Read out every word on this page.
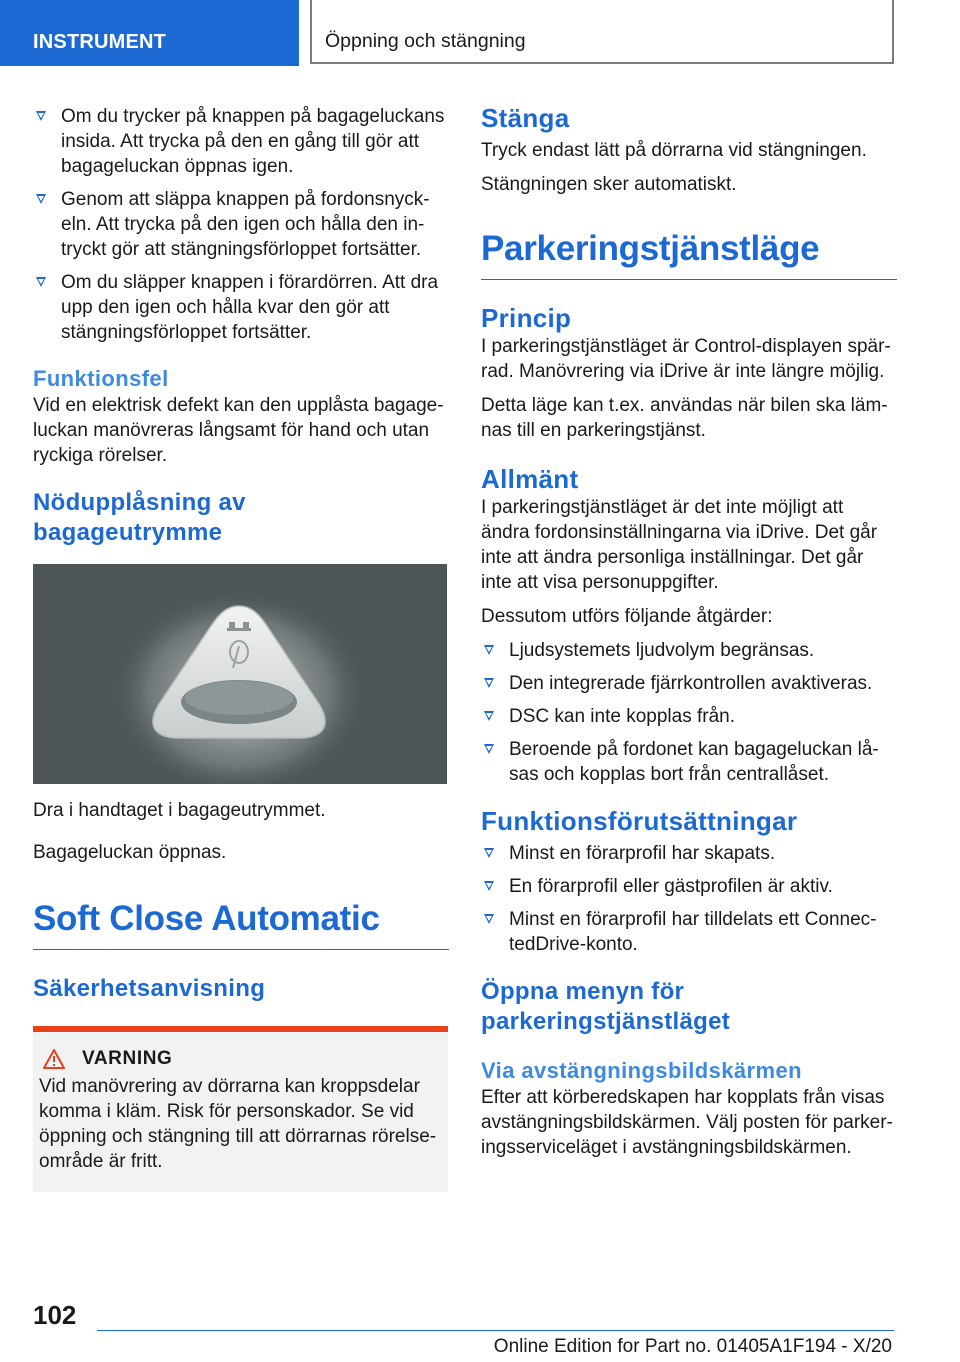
INSTRUMENT	Öppning och stängning
Om du trycker på knappen på bagageluckans insida. Att trycka på den en gång till gör att bagageluckan öppnas igen.
Genom att släppa knappen på fordonsnyck-eln. Att trycka på den igen och hålla den in-tryckt gör att stängningsförloppet fortsätter.
Om du släpper knappen i förardörren. Att dra upp den igen och hålla kvar den gör att stängningsförloppet fortsätter.
Funktionsfel

Vid en elektrisk defekt kan den upplåsta bagage-luckan manövreras långsamt för hand och utan ryckiga rörelser.

Nödupplåsning av bagageutrymme

Dra i handtaget i bagageutrymmet.

Bagageluckan öppnas.

Soft Close Automatic
Säkerhetsanvisning
VARNING

Vid manövrering av dörrarna kan kroppsdelar komma i kläm. Risk för personskador. Se vid öppning och stängning till att dörrarnas rörelse-område är fritt.

Stänga

Tryck endast lätt på dörrarna vid stängningen.

Stängningen sker automatiskt.

Parkeringstjänstläge
Princip

I parkeringstjänstläget är Control-displayen spär-rad. Manövrering via iDrive är inte längre möjlig.

Detta läge kan t.ex. användas när bilen ska läm-nas till en parkeringstjänst.

Allmänt

I parkeringstjänstläget är det inte möjligt att ändra fordonsinställningarna via iDrive. Det går inte att ändra personliga inställningar. Det går inte att visa personuppgifter.

Dessutom utförs följande åtgärder:

Ljudsystemets ljudvolym begränsas.
Den integrerade fjärrkontrollen avaktiveras.
DSC kan inte kopplas från.
Beroende på fordonet kan bagageluckan lå-sas och kopplas bort från centrallåset.
Funktionsförutsättningar
Minst en förarprofil har skapats.
En förarprofil eller gästprofilen är aktiv.
Minst en förarprofil har tilldelats ett Connec-tedDrive-konto.
Öppna menyn för parkeringstjänstläget
Via avstängningsbildskärmen

Efter att körberedskapen har kopplats från visas avstängningsbildskärmen. Välj posten för parker-ingsserviceläget i avstängningsbildskärmen.

102
Online Edition for Part no. 01405A1F194 - X/20
